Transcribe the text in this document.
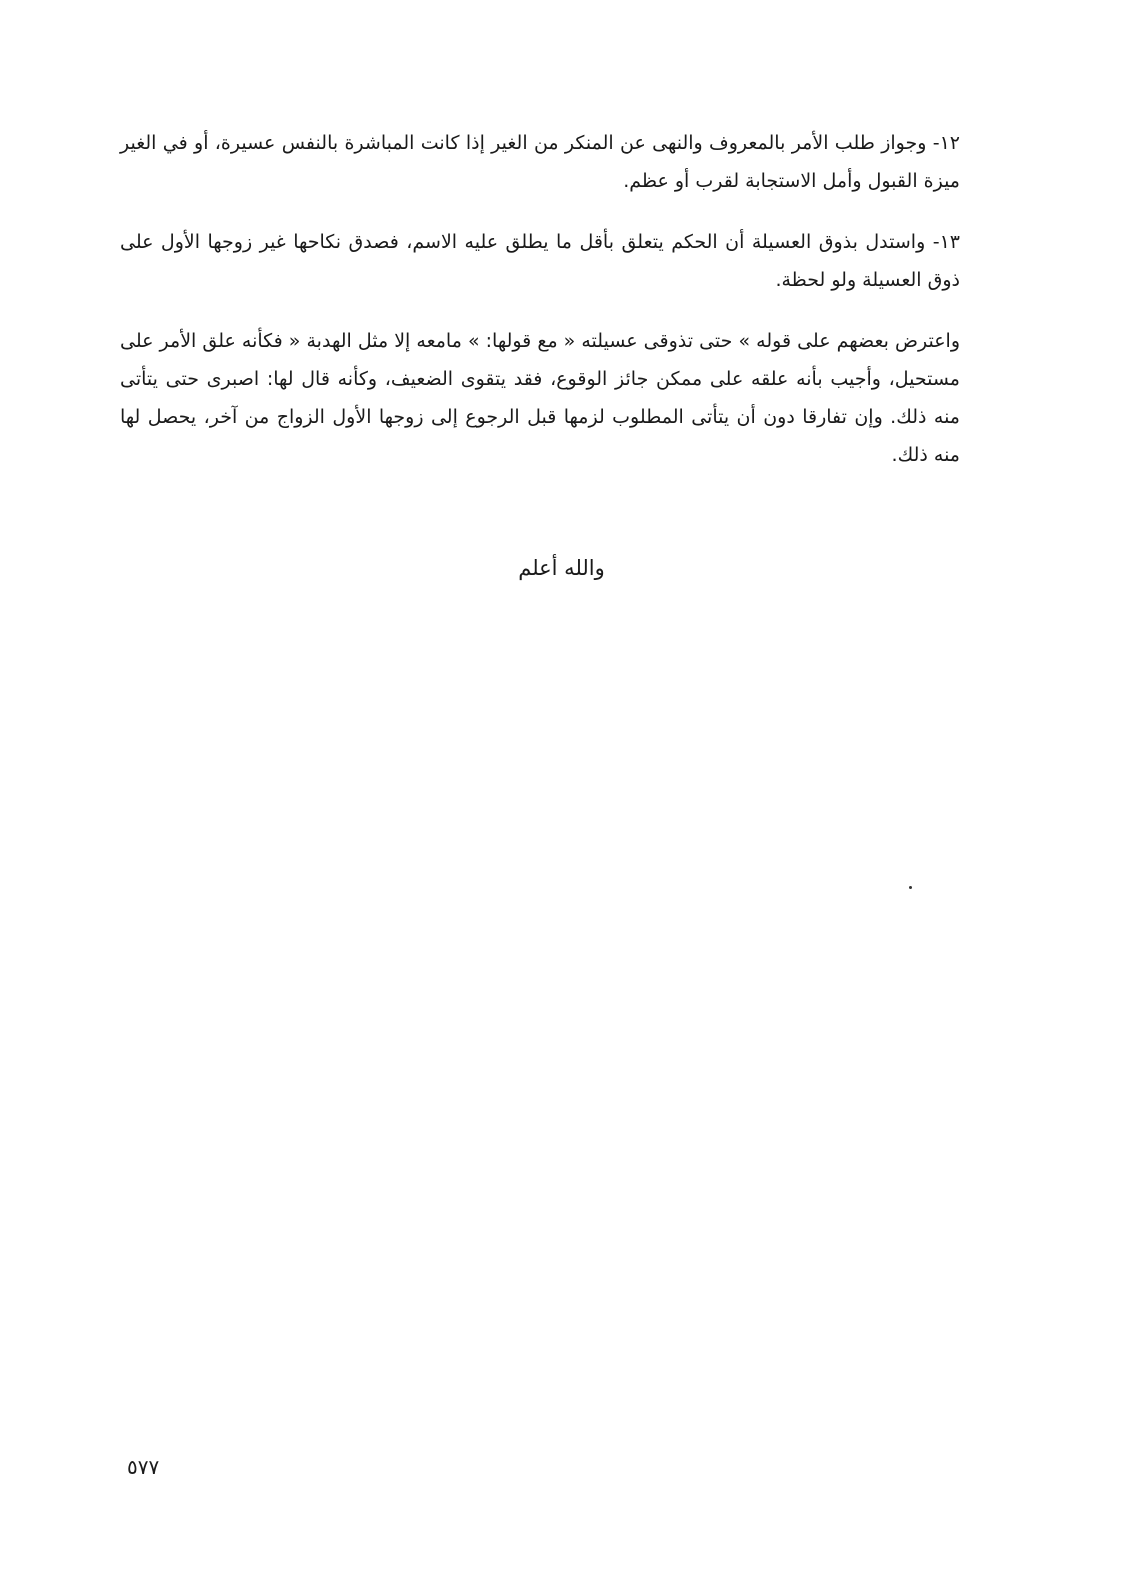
١٢- وجواز طلب الأمر بالمعروف والنهى عن المنكر من الغير إذا كانت المباشرة بالنفس عسيرة، أو في الغير ميزة القبول وأمل الاستجابة لقرب أو عظم.
١٣- واستدل بذوق العسيلة أن الحكم يتعلق بأقل ما يطلق عليه الاسم، فصدق نكاحها غير زوجها الأول على ذوق العسيلة ولو لحظة.
واعترض بعضهم على قوله » حتى تذوقى عسيلته « مع قولها: » مامعه إلا مثل الهدبة « فكأنه علق الأمر على مستحيل، وأجيب بأنه علقه على ممكن جائز الوقوع، فقد يتقوى الضعيف، وكأنه قال لها: اصبرى حتى يتأتى منه ذلك. وإن تفارقا دون أن يتأتى المطلوب لزمها قبل الرجوع إلى زوجها الأول الزواج من آخر، يحصل لها منه ذلك.
والله أعلم
٥٧٧
